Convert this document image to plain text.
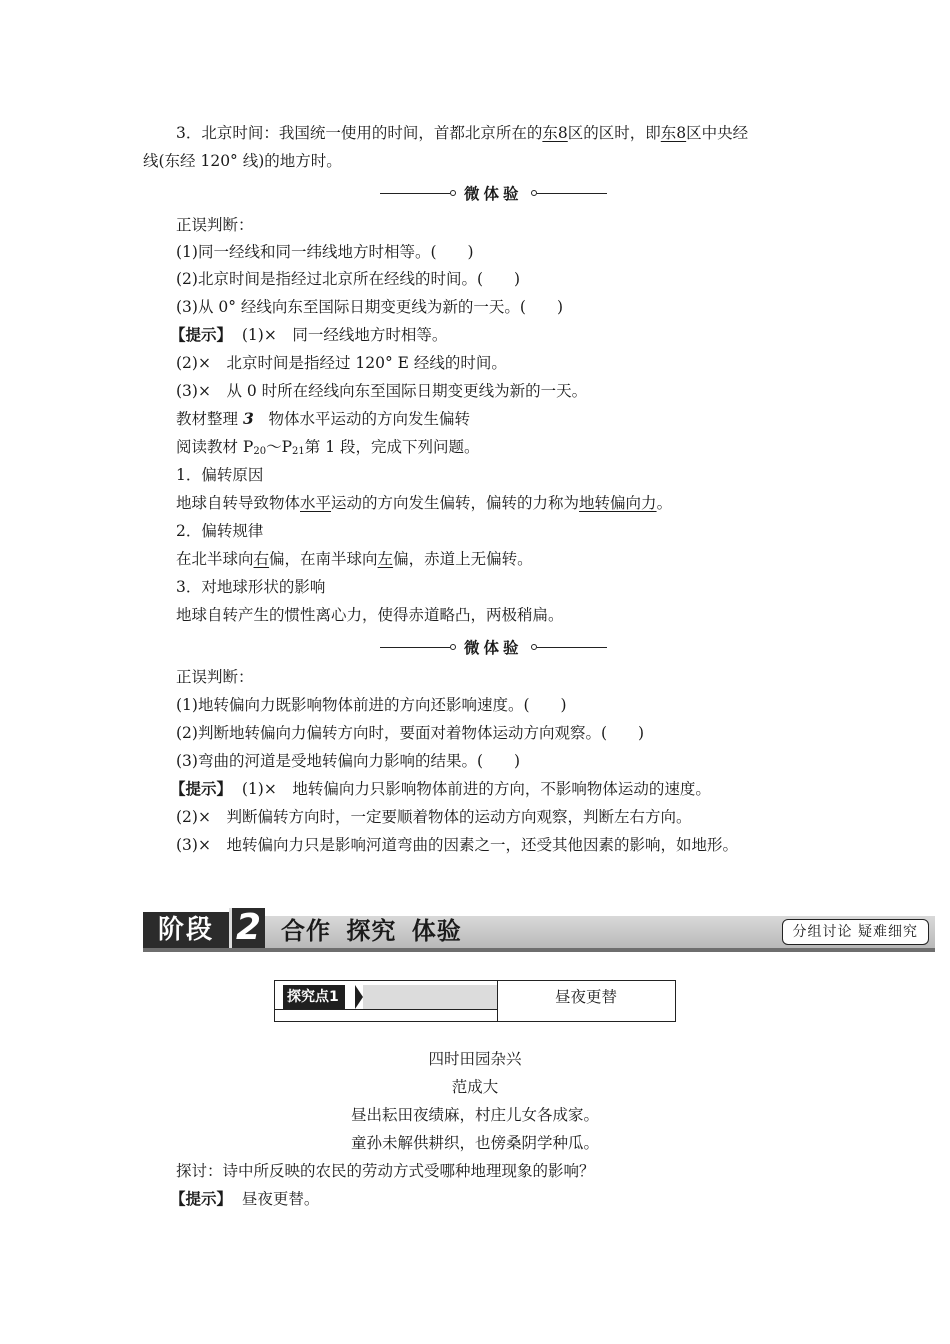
3．北京时间：我国统一使用的时间，首都北京所在的东8区的区时，即东8区中央经
线(东经 120° 线)的地方时。
微体验
正误判断：
(1)同一经线和同一纬线地方时相等。(　　)
(2)北京时间是指经过北京所在经线的时间。(　　)
(3)从 0° 经线向东至国际日期变更线为新的一天。(　　)
【提示】 (1)×　同一经线地方时相等。
(2)×　北京时间是指经过 120° E 经线的时间。
(3)×　从 0 时所在经线向东至国际日期变更线为新的一天。
教材整理 3 物体水平运动的方向发生偏转
阅读教材 $P_{20}\sim P_{21}$第 1 段，完成下列问题。
1．偏转原因
地球自转导致物体水平运动的方向发生偏转，偏转的力称为地转偏向力。
2．偏转规律
在北半球向右偏，在南半球向左偏，赤道上无偏转。
3．对地球形状的影响
地球自转产生的惯性离心力，使得赤道略凸，两极稍扁。
微体验
正误判断：
(1)地转偏向力既影响物体前进的方向还影响速度。(　　)
(2)判断地转偏向力偏转方向时，要面对着物体运动方向观察。(　　)
(3)弯曲的河道是受地转偏向力影响的结果。(　　)
【提示】 (1)×　地转偏向力只影响物体前进的方向，不影响物体运动的速度。
(2)×　判断偏转方向时，一定要顺着物体的运动方向观察，判断左右方向。
(3)×　地转偏向力只是影响河道弯曲的因素之一，还受其他因素的影响，如地形。
阶段 2 合作 探究 体验	分组讨论 疑难细究
探究点1	昼夜更替
四时田园杂兴
范成大
昼出耘田夜绩麻，村庄儿女各成家。
童孙未解供耕织，也傍桑阴学种瓜。
探讨：诗中所反映的农民的劳动方式受哪种地理现象的影响？
【提示】 昼夜更替。
